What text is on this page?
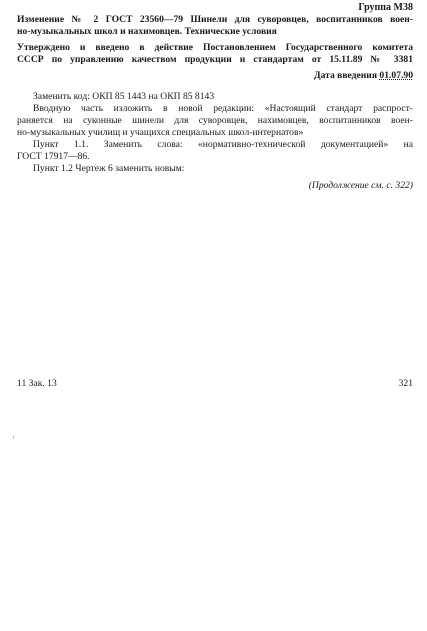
Группа М38
Изменение № 2 ГОСТ 23560—79 Шинели для суворовцев, воспитанников воен-
но-музыкальных школ и нахимовцев. Технические условия
Утверждено и введено в действие Постановлением Государственного комитета
СССР по управлению качеством продукции и стандартам от 15.11.89 № 3381
Дата введения 01.07.90
Заменить код: ОКП 85 1443 на ОКП 85 8143
Вводную часть изложить в новой редакции: «Настоящий стандарт распрост-
раняется на суконные шинели для суворовцев, нахимовцев, воспитанников воен-
но-музыкальных училищ и учащихся специальных школ-интернатов»
Пункт 1.1. Заменить слова: «нормативно-технической документацией» на
ГОСТ 17917—86.
Пункт 1.2 Чертеж 6 заменить новым:
(Продолжение см. с. 322)
11 Зак. 13	321
